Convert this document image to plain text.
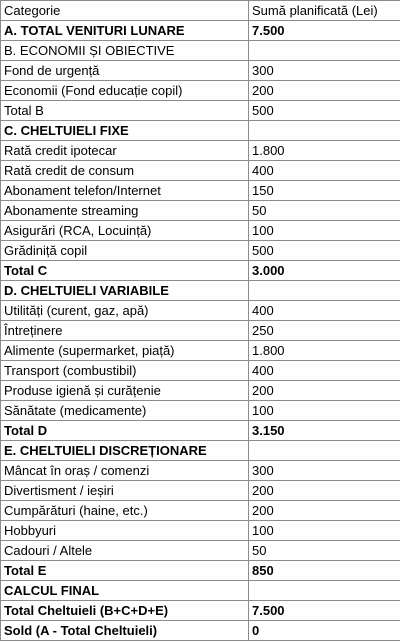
Categorie	Sumă planificată (Lei)
A. TOTAL VENITURI LUNARE	7.500
B. ECONOMII ȘI OBIECTIVE	
Fond de urgență	300
Economii (Fond educație copil)	200
Total B	500
C. CHELTUIELI FIXE	
Rată credit ipotecar	1.800
Rată credit de consum	400
Abonament telefon/Internet	150
Abonamente streaming	50
Asigurări (RCA, Locuință)	100
Grădiniță copil	500
Total C	3.000
D. CHELTUIELI VARIABILE	
Utilități (curent, gaz, apă)	400
Întreținere	250
Alimente (supermarket, piață)	1.800
Transport (combustibil)	400
Produse igienă și curățenie	200
Sănătate (medicamente)	100
Total D	3.150
E. CHELTUIELI DISCREȚIONARE	
Mâncat în oraș / comenzi	300
Divertisment / ieșiri	200
Cumpărături (haine, etc.)	200
Hobbyuri	100
Cadouri / Altele	50
Total E	850
CALCUL FINAL	
Total Cheltuieli (B+C+D+E)	7.500
Sold (A - Total Cheltuieli)	0
